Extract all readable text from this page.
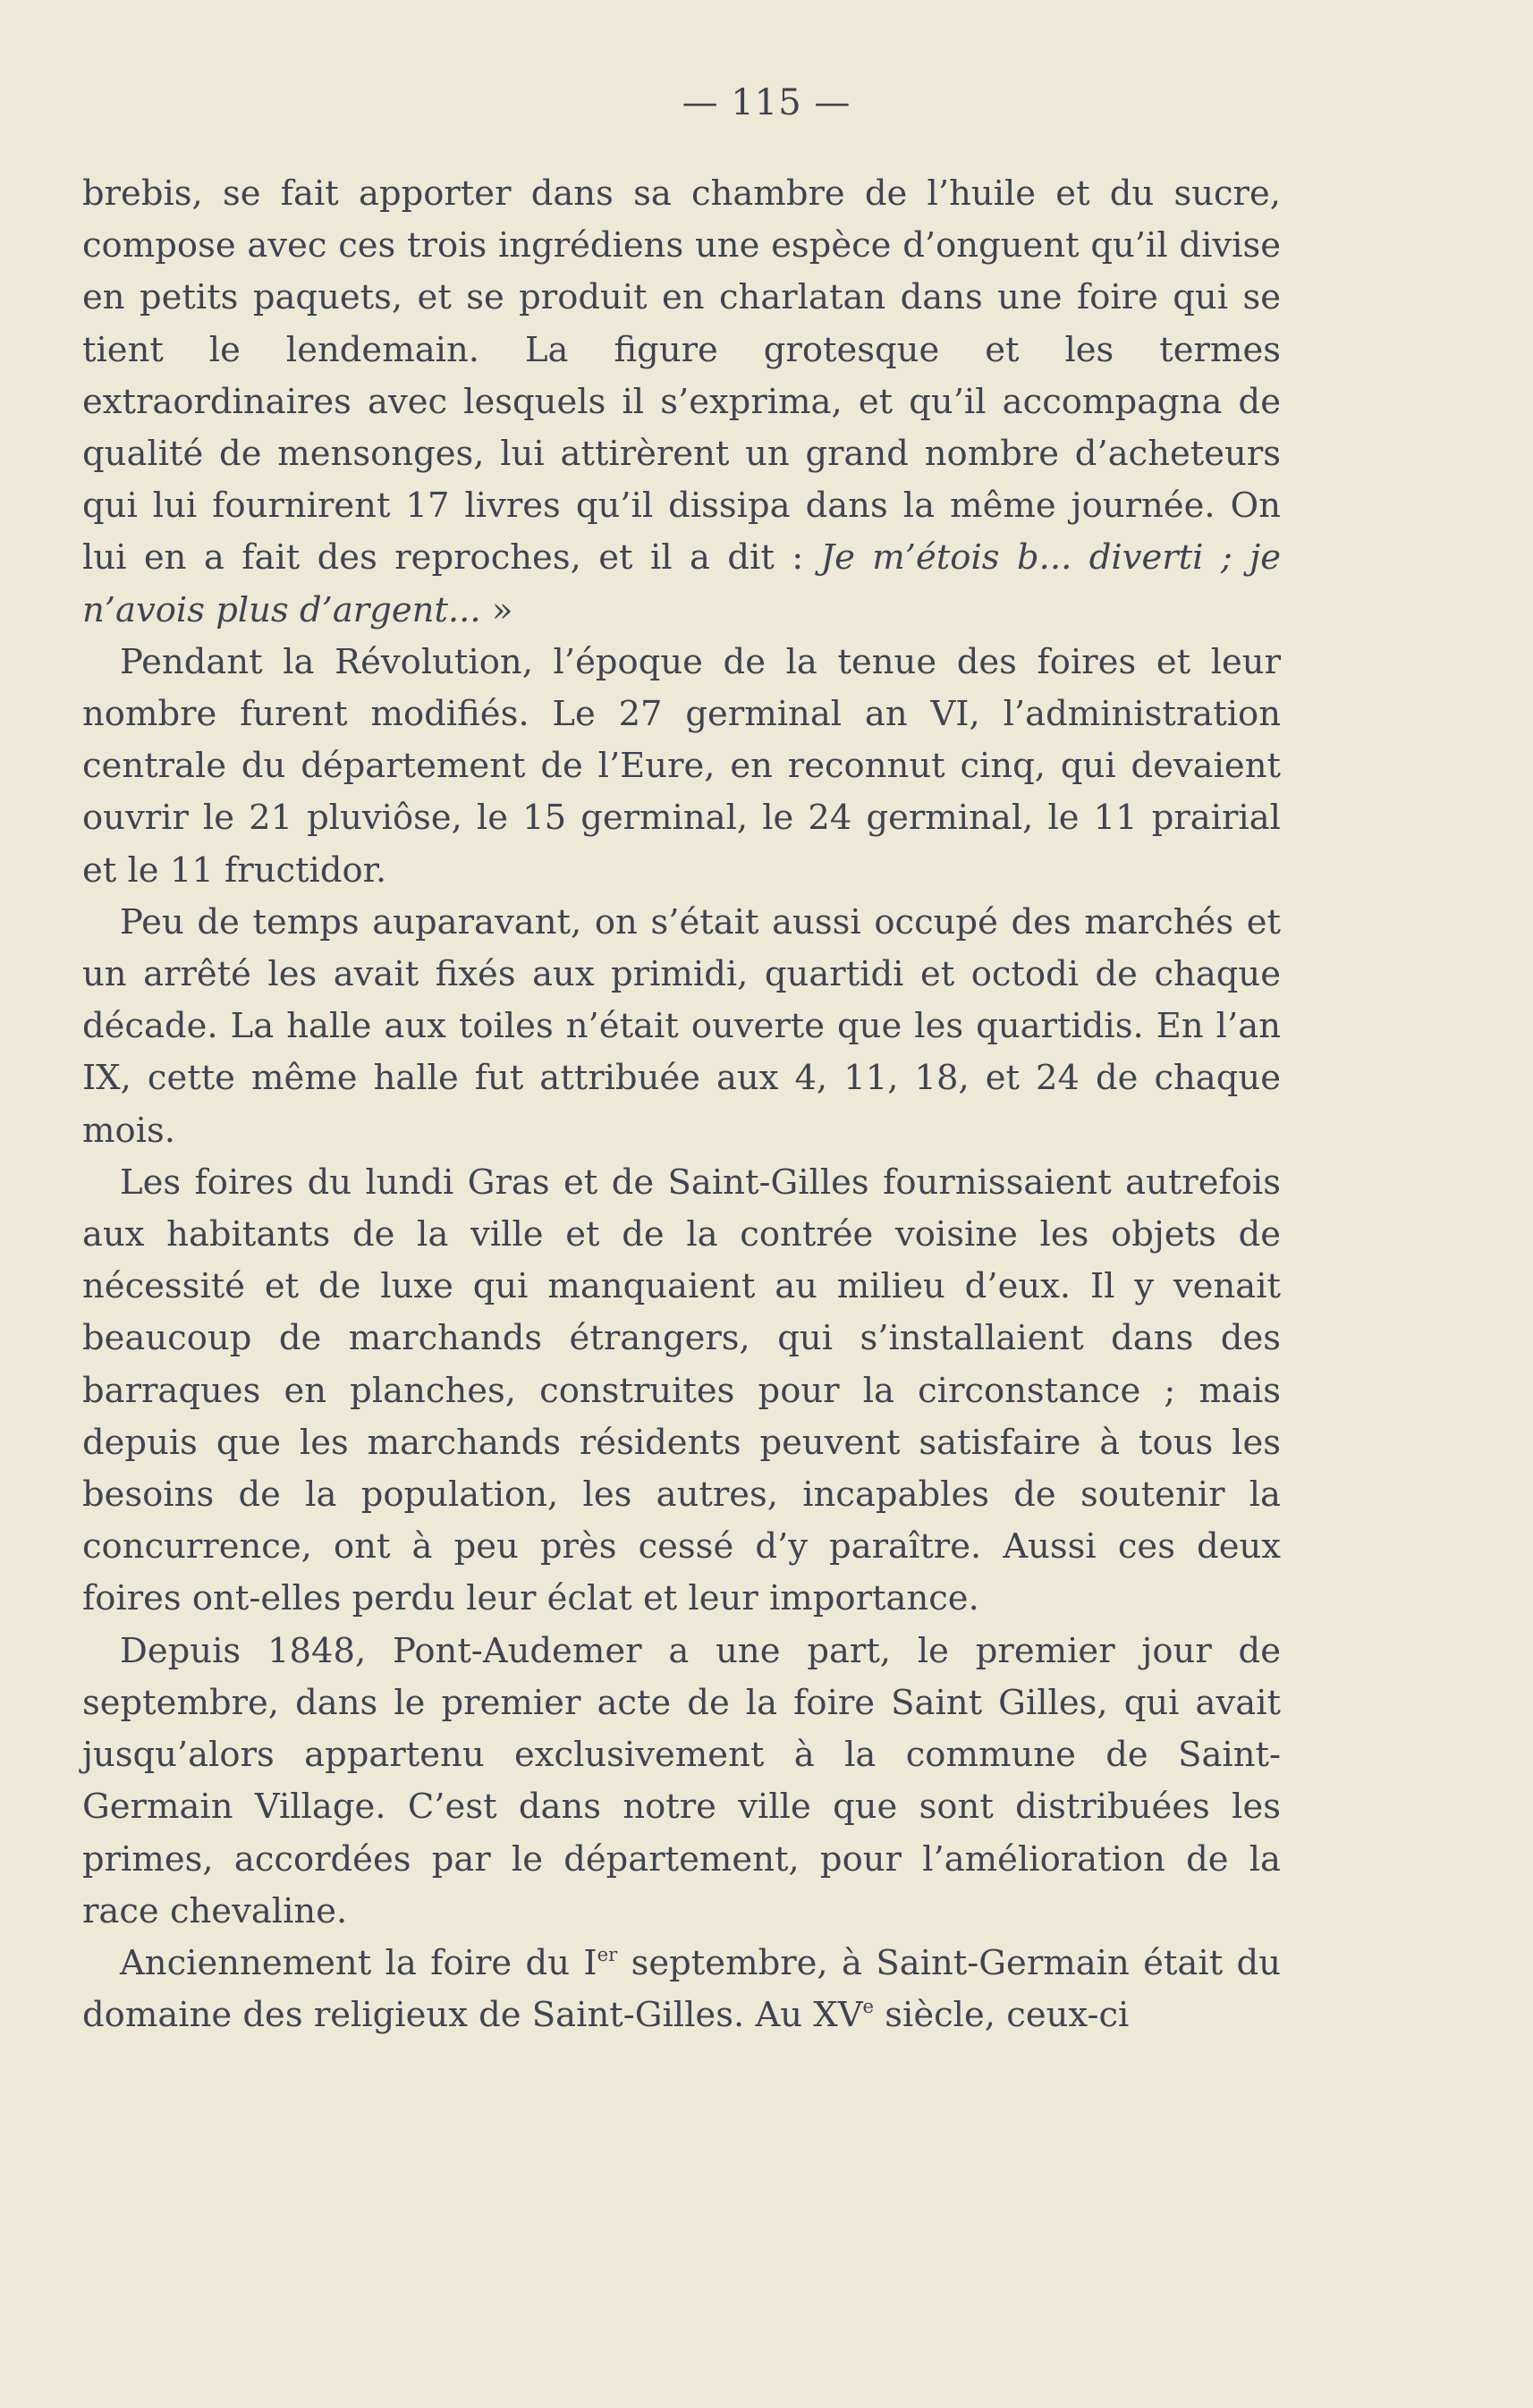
— 115 —

brebis, se fait apporter dans sa chambre de l’huile et du sucre, compose avec ces trois ingrédiens une espèce d’onguent qu’il divise en petits paquets, et se produit en charlatan dans une foire qui se tient le lendemain. La figure grotesque et les termes extraordinaires avec lesquels il s’exprima, et qu’il accompagna de qualité de mensonges, lui attirèrent un grand nombre d’acheteurs qui lui fournirent 17 livres qu’il dissipa dans la même journée. On lui en a fait des reproches, et il a dit : Je m’étois b... diverti ; je n’avois plus d’argent... »

Pendant la Révolution, l’époque de la tenue des foires et leur nombre furent modifiés. Le 27 germinal an VI, l’administration centrale du département de l’Eure, en reconnut cinq, qui devaient ouvrir le 21 pluviôse, le 15 germinal, le 24 germinal, le 11 prairial et le 11 fructidor.

Peu de temps auparavant, on s’était aussi occupé des marchés et un arrêté les avait fixés aux primidi, quartidi et octodi de chaque décade. La halle aux toiles n’était ouverte que les quartidis. En l’an IX, cette même halle fut attribuée aux 4, 11, 18, et 24 de chaque mois.

Les foires du lundi Gras et de Saint-Gilles fournissaient autrefois aux habitants de la ville et de la contrée voisine les objets de nécessité et de luxe qui manquaient au milieu d’eux. Il y venait beaucoup de marchands étrangers, qui s’installaient dans des barraques en planches, construites pour la circonstance ; mais depuis que les marchands résidents peuvent satisfaire à tous les besoins de la population, les autres, incapables de soutenir la concurrence, ont à peu près cessé d’y paraître. Aussi ces deux foires ont-elles perdu leur éclat et leur importance.

Depuis 1848, Pont-Audemer a une part, le premier jour de septembre, dans le premier acte de la foire Saint Gilles, qui avait jusqu’alors appartenu exclusivement à la commune de Saint-Germain Village. C’est dans notre ville que sont distribuées les primes, accordées par le département, pour l’amélioration de la race chevaline.

Anciennement la foire du Ier septembre, à Saint-Germain était du domaine des religieux de Saint-Gilles. Au XVe siècle, ceux-ci
